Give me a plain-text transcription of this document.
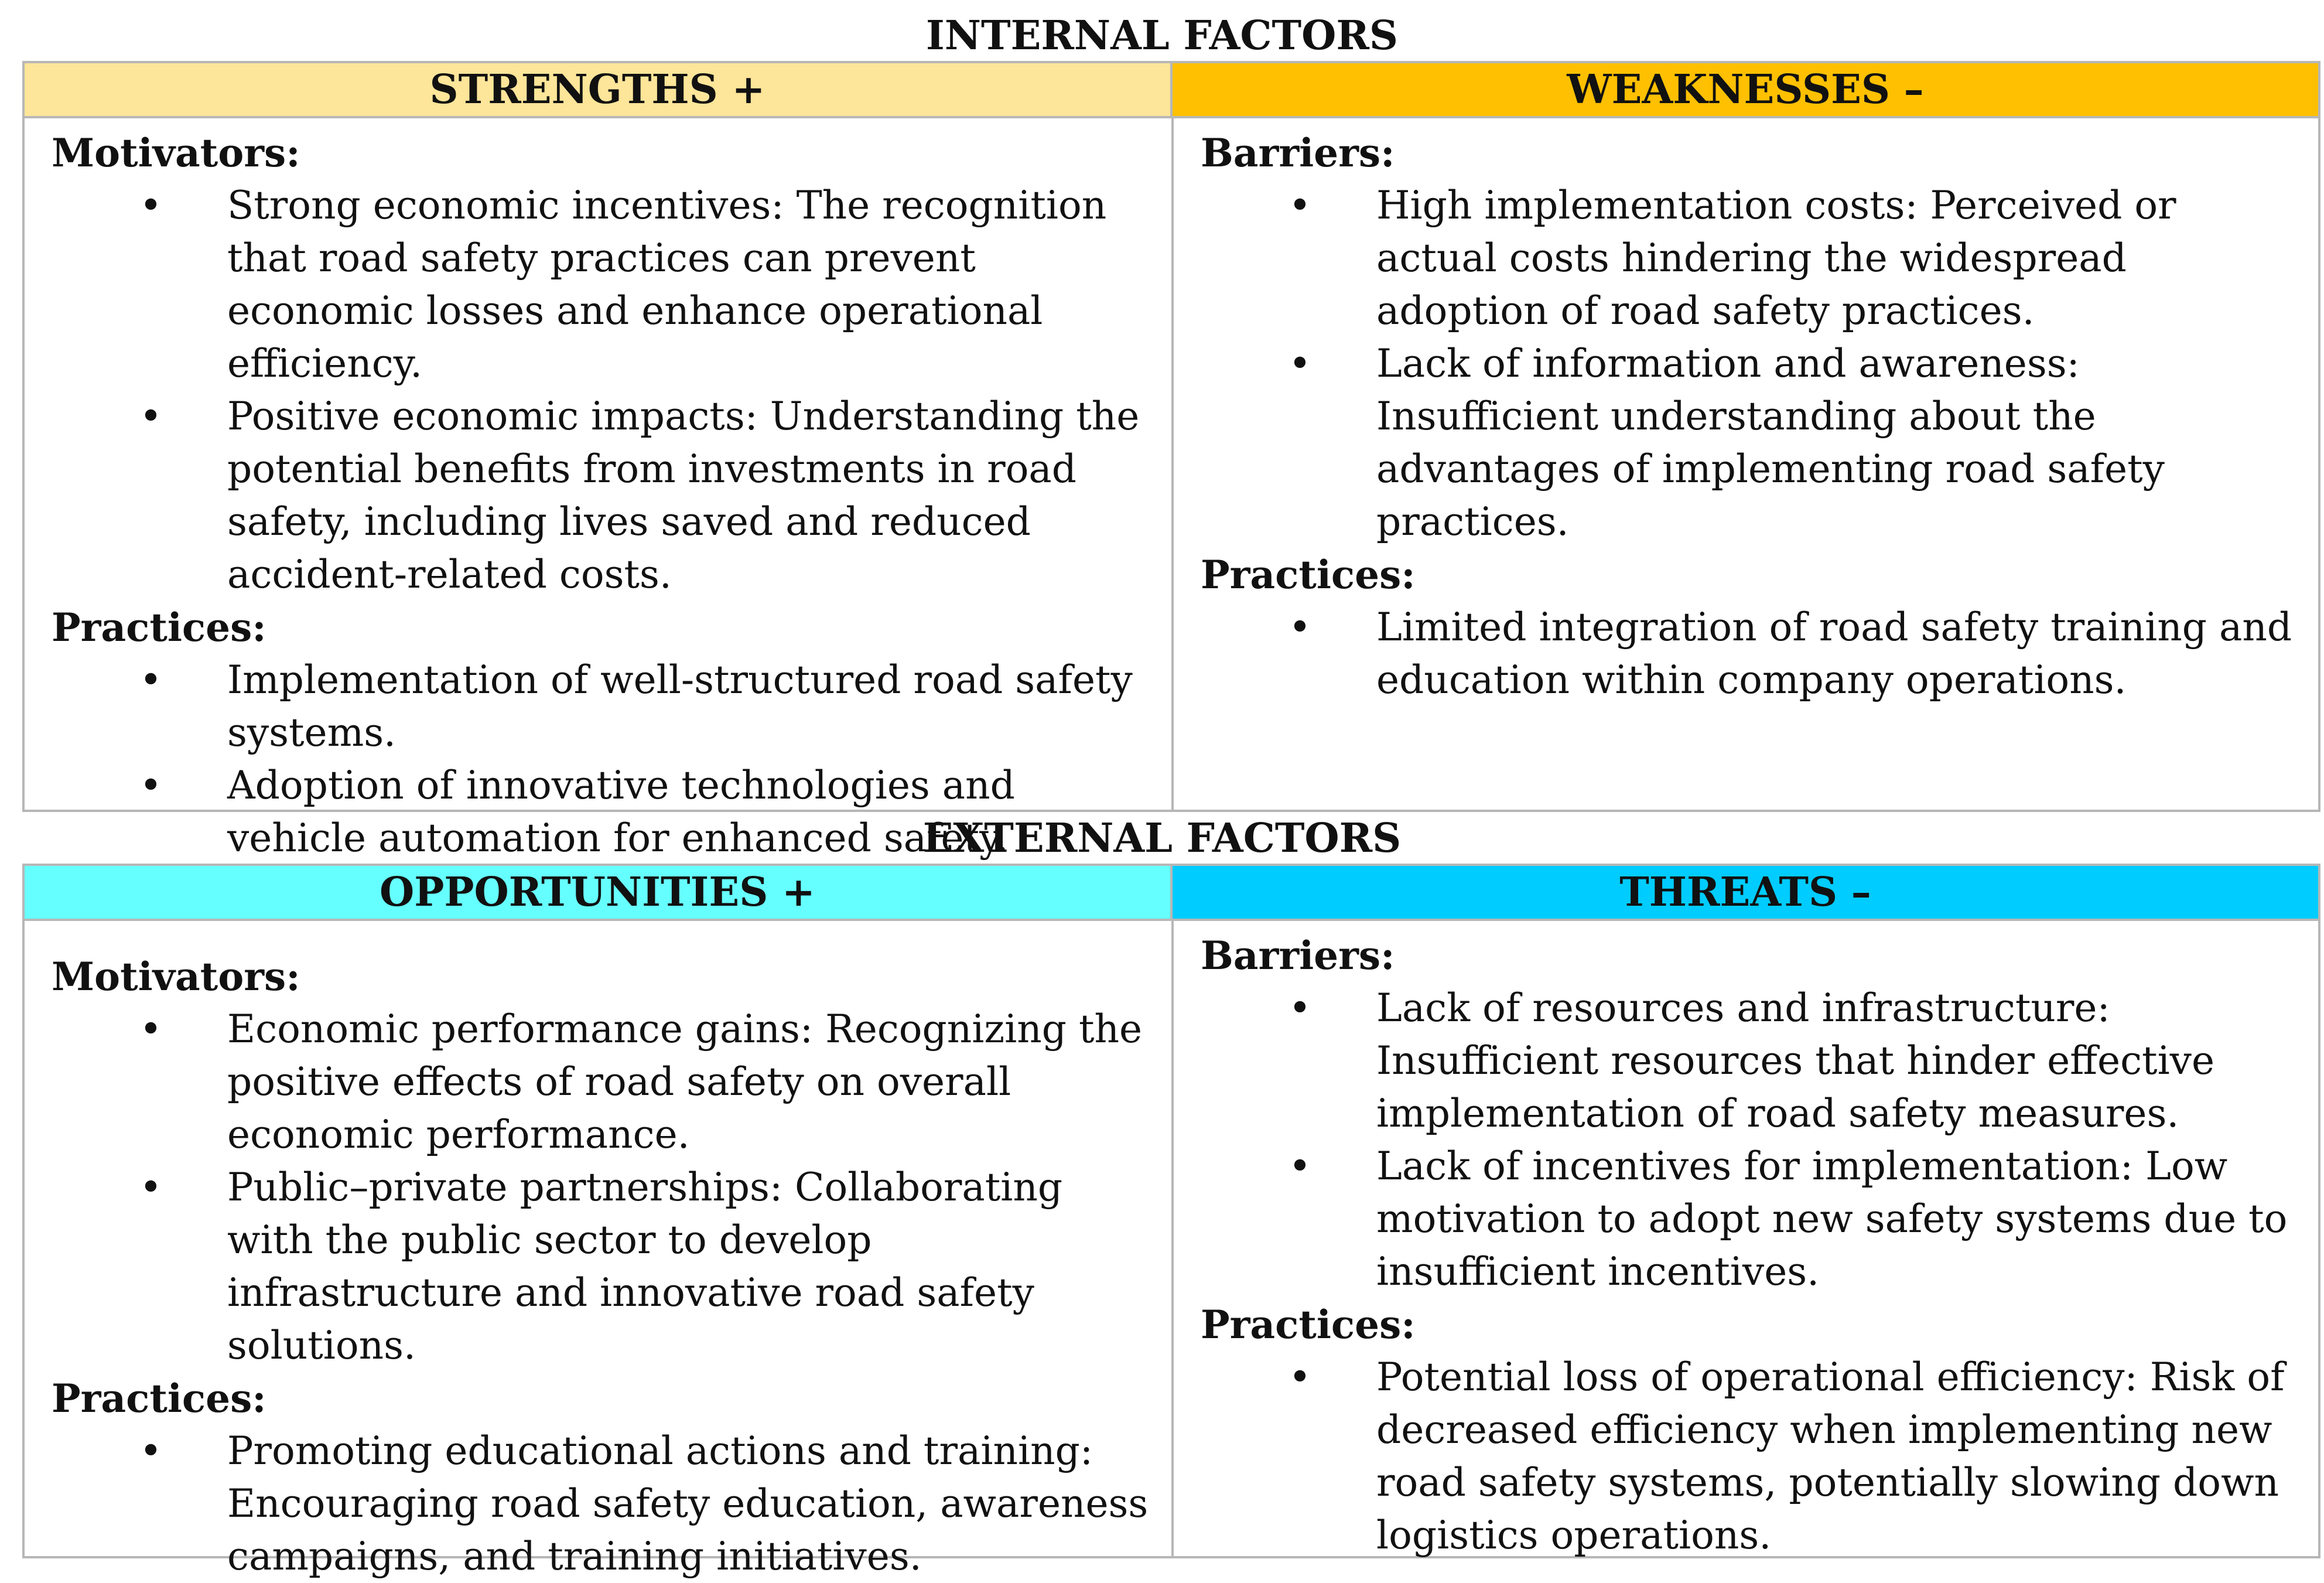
INTERNAL FACTORS
STRENGTHS +	WEAKNESSES –
Motivators:
• Strong economic incentives: The recognition that road safety practices can prevent economic losses and enhance operational efficiency.
• Positive economic impacts: Understanding the potential benefits from investments in road safety, including lives saved and reduced accident-related costs.
Practices:
• Implementation of well-structured road safety systems.
• Adoption of innovative technologies and vehicle automation for enhanced safety.
Barriers:
• High implementation costs: Perceived or actual costs hindering the widespread adoption of road safety practices.
• Lack of information and awareness: Insufficient understanding about the advantages of implementing road safety practices.
Practices:
• Limited integration of road safety training and education within company operations.
EXTERNAL FACTORS
OPPORTUNITIES +	THREATS –
Motivators:
• Economic performance gains: Recognizing the positive effects of road safety on overall economic performance.
• Public–private partnerships: Collaborating with the public sector to develop infrastructure and innovative road safety solutions.
Practices:
• Promoting educational actions and training: Encouraging road safety education, awareness campaigns, and training initiatives.
Barriers:
• Lack of resources and infrastructure: Insufficient resources that hinder effective implementation of road safety measures.
• Lack of incentives for implementation: Low motivation to adopt new safety systems due to insufficient incentives.
Practices:
• Potential loss of operational efficiency: Risk of decreased efficiency when implementing new road safety systems, potentially slowing down logistics operations.
